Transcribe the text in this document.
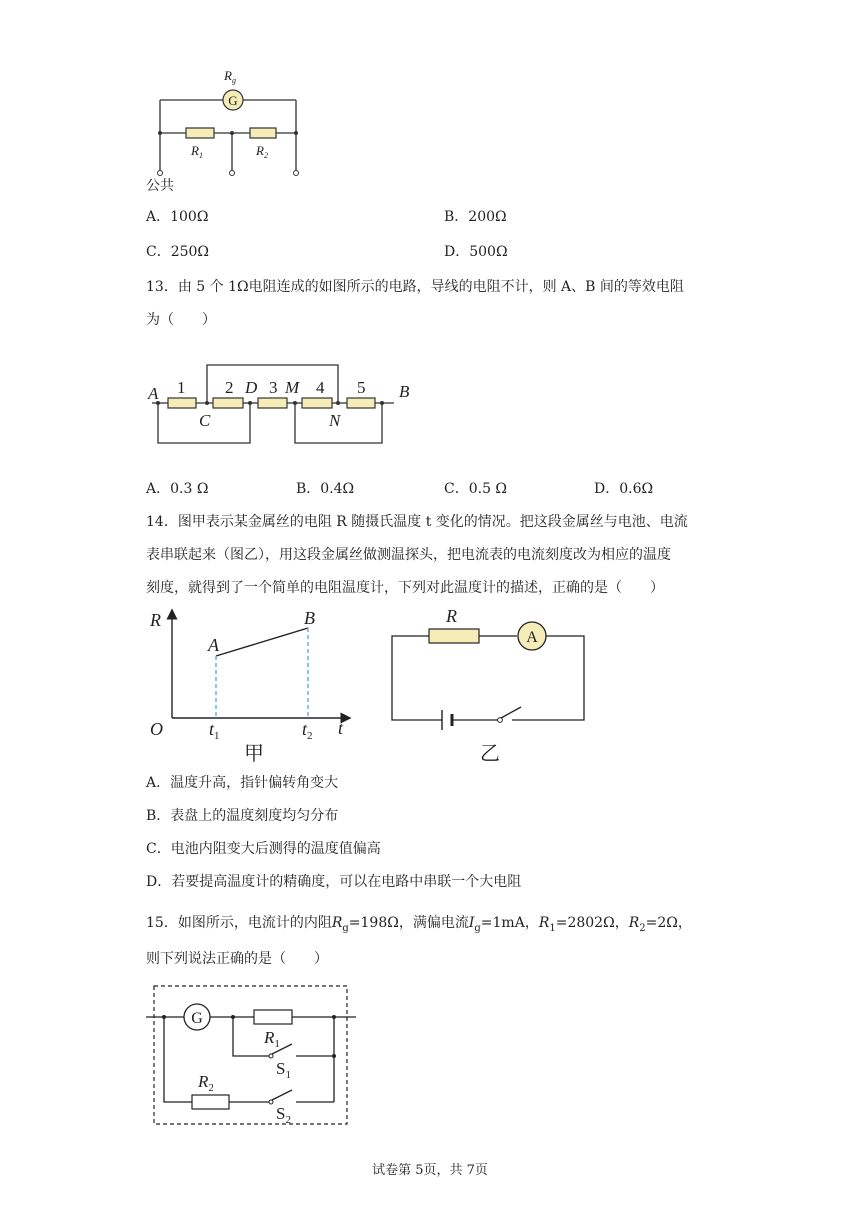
G
$R_g$
$R_1$	$R_2$
公共
A．100Ω	B．200Ω
C．250Ω	D．500Ω
13．由 5 个 1Ω电阻连成的如图所示的电路，导线的电阻不计，则 A、B 间的等效电阻
为（　　）
A	B
C
D M
N
1 2 3 4 5
A．0.3 Ω	B．0.4Ω	C．0.5 Ω	D．0.6Ω
14．图甲表示某金属丝的电阻 R 随摄氏温度 t 变化的情况。把这段金属丝与电池、电流
表串联起来（图乙），用这段金属丝做测温探头，把电流表的电流刻度改为相应的温度
刻度，就得到了一个简单的电阻温度计，下列对此温度计的描述，正确的是（　　）
R
O	t
A
B
$t_1$	$t_2$
甲
A
R
乙
A．温度升高，指针偏转角变大
B．表盘上的温度刻度均匀分布
C．电池内阻变大后测得的温度值偏高
D．若要提高温度计的精确度，可以在电路中串联一个大电阻
15．如图所示，电流计的内阻$R_g=198\Omega$，满偏电流$I_g=1mA$，$R_1=2802\Omega$，$R_2=2\Omega$，
则下列说法正确的是（　　）
G
$R_1$
$S_1$
$R_2$
$S_2$
试卷第 5页，共 7页
